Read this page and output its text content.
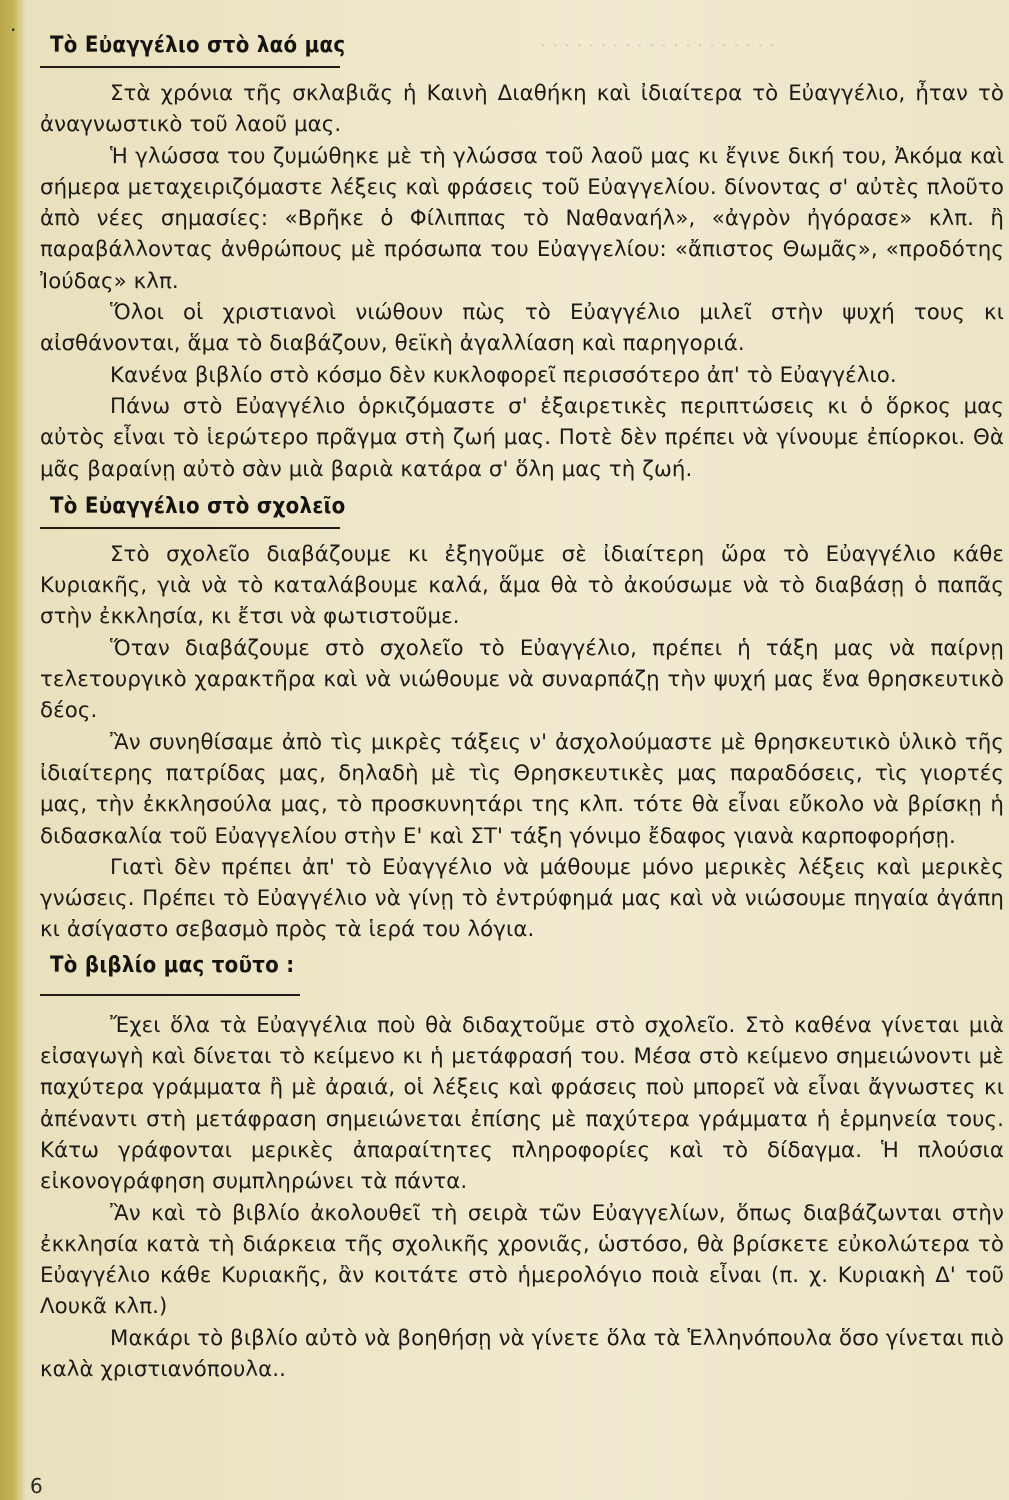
· · · · · · · · · · · · · · · · · · · ·
·
Τὸ Εὐαγγέλιο στὸ λαό μας

Στὰ χρόνια τῆς σκλαβιᾶς ἡ Καινὴ Διαθήκη καὶ ἰδιαίτερα τὸ Εὐαγγέλιο, ἦταν τὸ ἀναγνωστικὸ τοῦ λαοῦ μας.

Ἡ γλώσσα του ζυμώθηκε μὲ τὴ γλώσσα τοῦ λαοῦ μας κι ἔγινε δική του, Ἀκόμα καὶ σήμερα μεταχειριζόμαστε λέξεις καὶ φράσεις τοῦ Εὐαγγελίου. δίνοντας σ' αὐτὲς πλοῦτο ἀπὸ νέες σημασίες: «Βρῆκε ὁ Φίλιππας τὸ Ναθαναήλ», «ἀγρὸν ἠγόρασε» κλπ. ἢ παραβάλλοντας ἀνθρώπους μὲ πρόσωπα του Εὐαγγελίου: «ἄπιστος Θωμᾶς», «προδότης Ἰούδας» κλπ.

Ὅλοι οἱ χριστιανοὶ νιώθουν πὼς τὸ Εὐαγγέλιο μιλεῖ στὴν ψυχή τους κι αἰσθάνονται, ἅμα τὸ διαβάζουν, θεϊκὴ ἀγαλλίαση καὶ παρηγοριά.

Κανένα βιβλίο στὸ κόσμο δὲν κυκλοφορεῖ περισσότερο ἀπ' τὸ Εὐαγγέλιο.

Πάνω στὸ Εὐαγγέλιο ὁρκιζόμαστε σ' ἐξαιρετικὲς περιπτώσεις κι ὁ ὅρκος μας αὐτὸς εἶναι τὸ ἱερώτερο πρᾶγμα στὴ ζωή μας. Ποτὲ δὲν πρέπει νὰ γίνουμε ἐπίορκοι. Θὰ μᾶς βαραίνῃ αὐτὸ σὰν μιὰ βαριὰ κατάρα σ' ὅλη μας τὴ ζωή.

Τὸ Εὐαγγέλιο στὸ σχολεῖο

Στὸ σχολεῖο διαβάζουμε κι ἐξηγοῦμε σὲ ἰδιαίτερη ὥρα τὸ Εὐαγγέλιο κάθε Κυριακῆς, γιὰ νὰ τὸ καταλάβουμε καλά, ἅμα θὰ τὸ ἀκούσωμε νὰ τὸ διαβάσῃ ὁ παπᾶς στὴν ἐκκλησία, κι ἔτσι νὰ φωτιστοῦμε.

Ὅταν διαβάζουμε στὸ σχολεῖο τὸ Εὐαγγέλιο, πρέπει ἡ τάξη μας νὰ παίρνῃ τελετουργικὸ χαρακτῆρα καὶ νὰ νιώθουμε νὰ συναρπάζῃ τὴν ψυχή μας ἕνα θρησκευτικὸ δέος.

Ἂν συνηθίσαμε ἀπὸ τὶς μικρὲς τάξεις ν' ἀσχολούμαστε μὲ θρησκευτικὸ ὑλικὸ τῆς ἰδιαίτερης πατρίδας μας, δηλαδὴ μὲ τὶς Θρησκευτικὲς μας παραδόσεις, τὶς γιορτές μας, τὴν ἐκκλησούλα μας, τὸ προσκυνητάρι της κλπ. τότε θὰ εἶναι εὔκολο νὰ βρίσκῃ ἡ διδασκαλία τοῦ Εὐαγγελίου στὴν Ε' καὶ ΣΤ' τάξη γόνιμο ἔδαφος γιανὰ καρποφορήσῃ.

Γιατὶ δὲν πρέπει ἀπ' τὸ Εὐαγγέλιο νὰ μάθουμε μόνο μερικὲς λέξεις καὶ μερικὲς γνώσεις. Πρέπει τὸ Εὐαγγέλιο νὰ γίνῃ τὸ ἐντρύφημά μας καὶ νὰ νιώσουμε πηγαία ἀγάπη κι ἀσίγαστο σεβασμὸ πρὸς τὰ ἱερά του λόγια.

Τὸ βιβλίο μας τοῦτο :

Ἔχει ὅλα τὰ Εὐαγγέλια ποὺ θὰ διδαχτοῦμε στὸ σχολεῖο. Στὸ καθένα γίνεται μιὰ εἰσαγωγὴ καὶ δίνεται τὸ κείμενο κι ἡ μετάφρασή του. Μέσα στὸ κείμενο σημειώνοντι μὲ παχύτερα γράμματα ἢ μὲ ἀραιά, οἱ λέξεις καὶ φράσεις ποὺ μπορεῖ νὰ εἶναι ἄγνωστες κι ἀπέναντι στὴ μετάφραση σημειώνεται ἐπίσης μὲ παχύτερα γράμματα ἡ ἑρμηνεία τους. Κάτω γράφονται μερικὲς ἀπαραίτητες πληροφορίες καὶ τὸ δίδαγμα. Ἡ πλούσια εἰκονογράφηση συμπληρώνει τὰ πάντα.

Ἂν καὶ τὸ βιβλίο ἀκολουθεῖ τὴ σειρὰ τῶν Εὐαγγελίων, ὅπως διαβάζωνται στὴν ἐκκλησία κατὰ τὴ διάρκεια τῆς σχολικῆς χρονιᾶς, ὡστόσο, θὰ βρίσκετε εὐκολώτερα τὸ Εὐαγγέλιο κάθε Κυριακῆς, ἂν κοιτάτε στὸ ἡμερολόγιο ποιὰ εἶναι (π. χ. Κυριακὴ Δ' τοῦ Λουκᾶ κλπ.)

Μακάρι τὸ βιβλίο αὐτὸ νὰ βοηθήσῃ νὰ γίνετε ὅλα τὰ Ἑλληνόπουλα ὅσο γίνεται πιὸ καλὰ χριστιανόπουλα..

6
